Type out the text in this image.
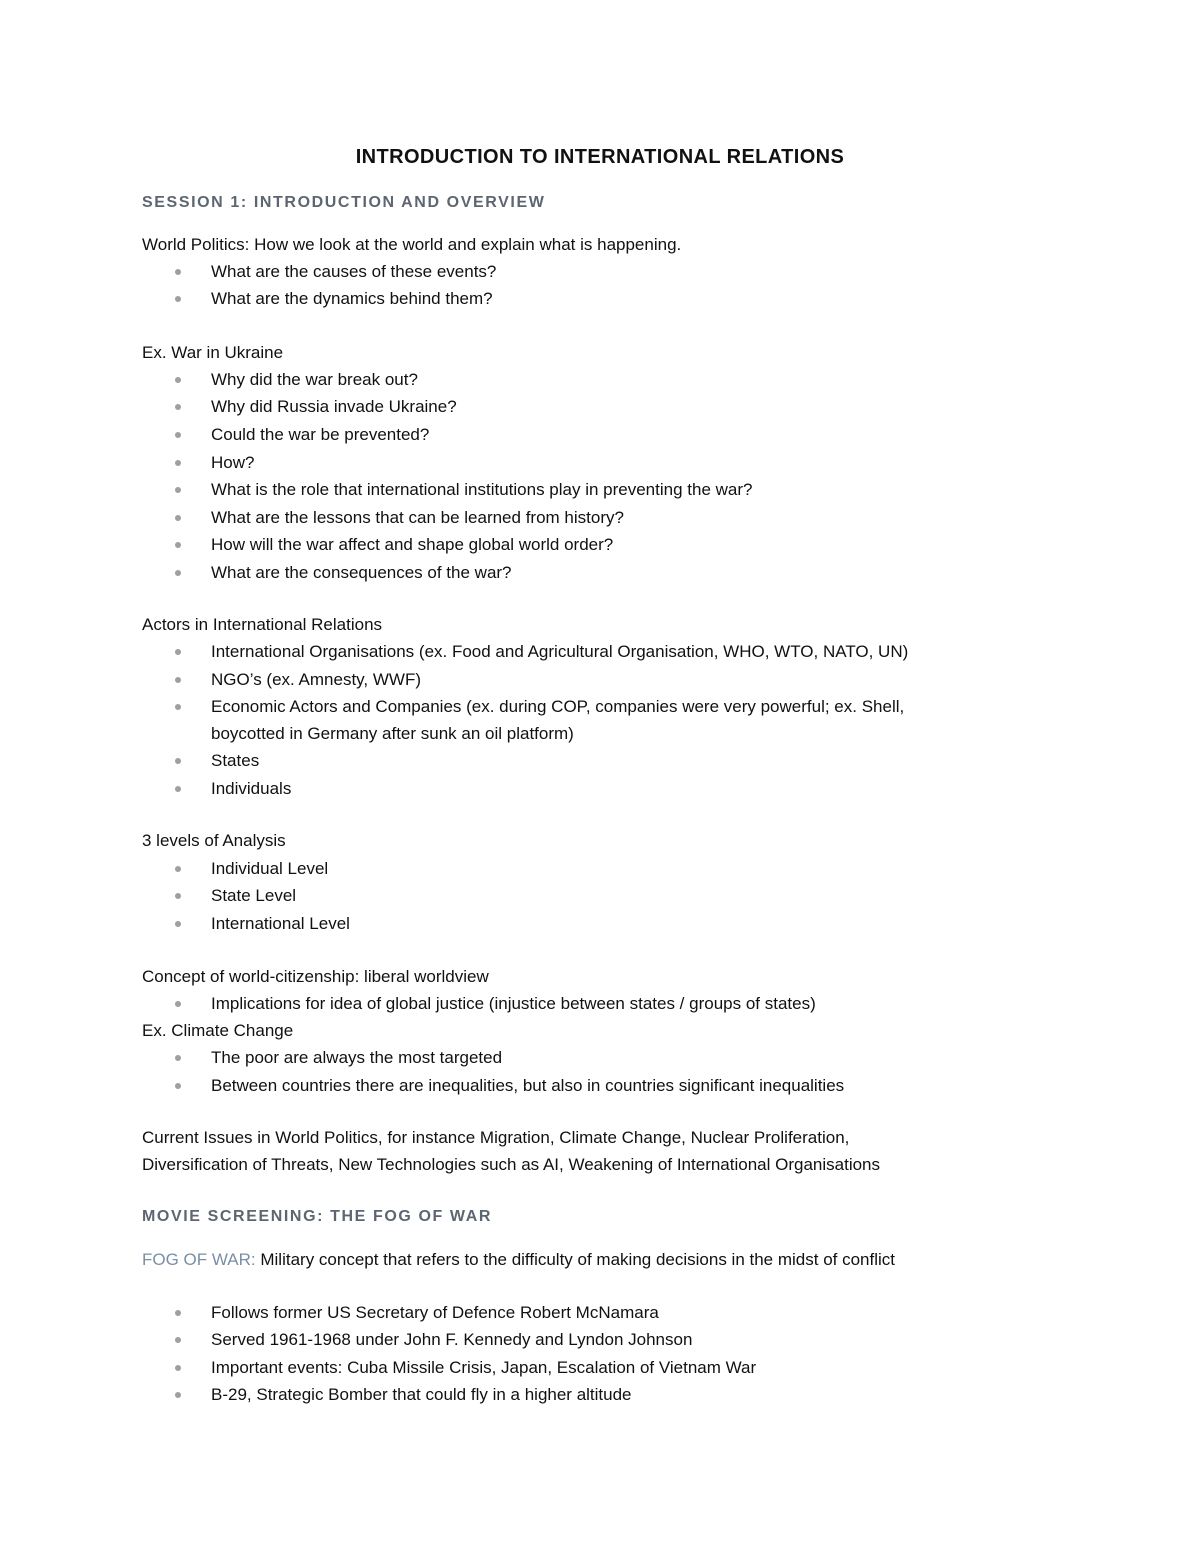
INTRODUCTION TO INTERNATIONAL RELATIONS
SESSION 1: INTRODUCTION AND OVERVIEW
World Politics: How we look at the world and explain what is happening.
What are the causes of these events?
What are the dynamics behind them?
Ex. War in Ukraine
Why did the war break out?
Why did Russia invade Ukraine?
Could the war be prevented?
How?
What is the role that international institutions play in preventing the war?
What are the lessons that can be learned from history?
How will the war affect and shape global world order?
What are the consequences of the war?
Actors in International Relations
International Organisations (ex. Food and Agricultural Organisation, WHO, WTO, NATO, UN)
NGO’s (ex. Amnesty, WWF)
Economic Actors and Companies (ex. during COP, companies were very powerful; ex. Shell,
boycotted in Germany after sunk an oil platform)
States
Individuals
3 levels of Analysis
Individual Level
State Level
International Level
Concept of world-citizenship: liberal worldview
Implications for idea of global justice (injustice between states / groups of states)
Ex. Climate Change
The poor are always the most targeted
Between countries there are inequalities, but also in countries significant inequalities
Current Issues in World Politics, for instance Migration, Climate Change, Nuclear Proliferation,
Diversification of Threats, New Technologies such as AI, Weakening of International Organisations
MOVIE SCREENING: THE FOG OF WAR
FOG OF WAR: Military concept that refers to the difficulty of making decisions in the midst of conflict
Follows former US Secretary of Defence Robert McNamara
Served 1961-1968 under John F. Kennedy and Lyndon Johnson
Important events: Cuba Missile Crisis, Japan, Escalation of Vietnam War
B-29, Strategic Bomber that could fly in a higher altitude
